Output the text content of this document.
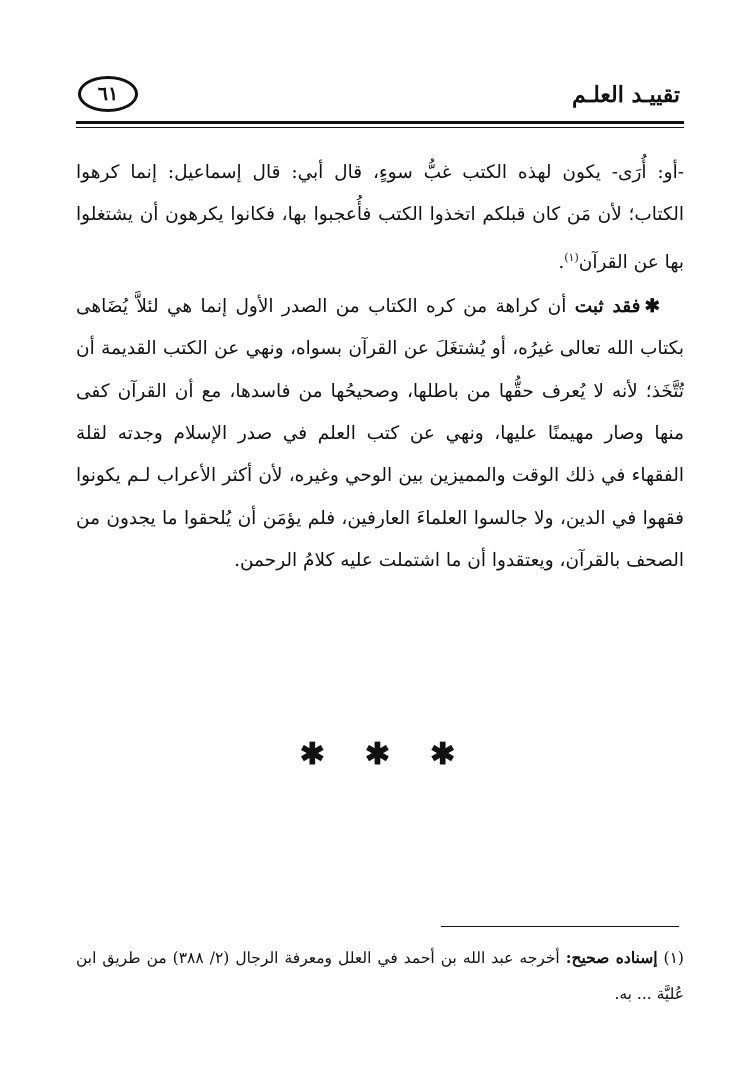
تقييـد العلـم
٦١

-أو: أُرَى- يكون لهذه الكتب غبُّ سوءٍ، قال أبي: قال إسماعيل: إنما كرهوا الكتاب؛ لأن مَن كان قبلكم اتخذوا الكتب فأُعجبوا بها، فكانوا يكرهون أن يشتغلوا بها عن القرآن$^{(١)}$.

✱فقد ثبت أن كراهة من كره الكتاب من الصدر الأول إنما هي لئلاَّ يُضَاهى بكتاب الله تعالى غيرُه، أو يُشتغَلَ عن القرآن بسواه، ونهي عن الكتب القديمة أن تُتَّخَذ؛ لأنه لا يُعرف حقُّها من باطلها، وصحيحُها من فاسدها، مع أن القرآن كفى منها وصار مهيمنًا عليها، ونهي عن كتب العلم في صدر الإسلام وجدته لقلة الفقهاء في ذلك الوقت والمميزين بين الوحي وغيره، لأن أكثر الأعراب لـم يكونوا فقهوا في الدين، ولا جالسوا العلماءَ العارفين، فلم يؤمَن أن يُلحقوا ما يجدون من الصحف بالقرآن، ويعتقدوا أن ما اشتملت عليه كلامُ الرحمن.

✱ ✱ ✱

(١) إسناده صحيح: أخرجه عبد الله بن أحمد في العلل ومعرفة الرجال (٢/ ٣٨٨) من طريق ابن عُليَّة ... به.
